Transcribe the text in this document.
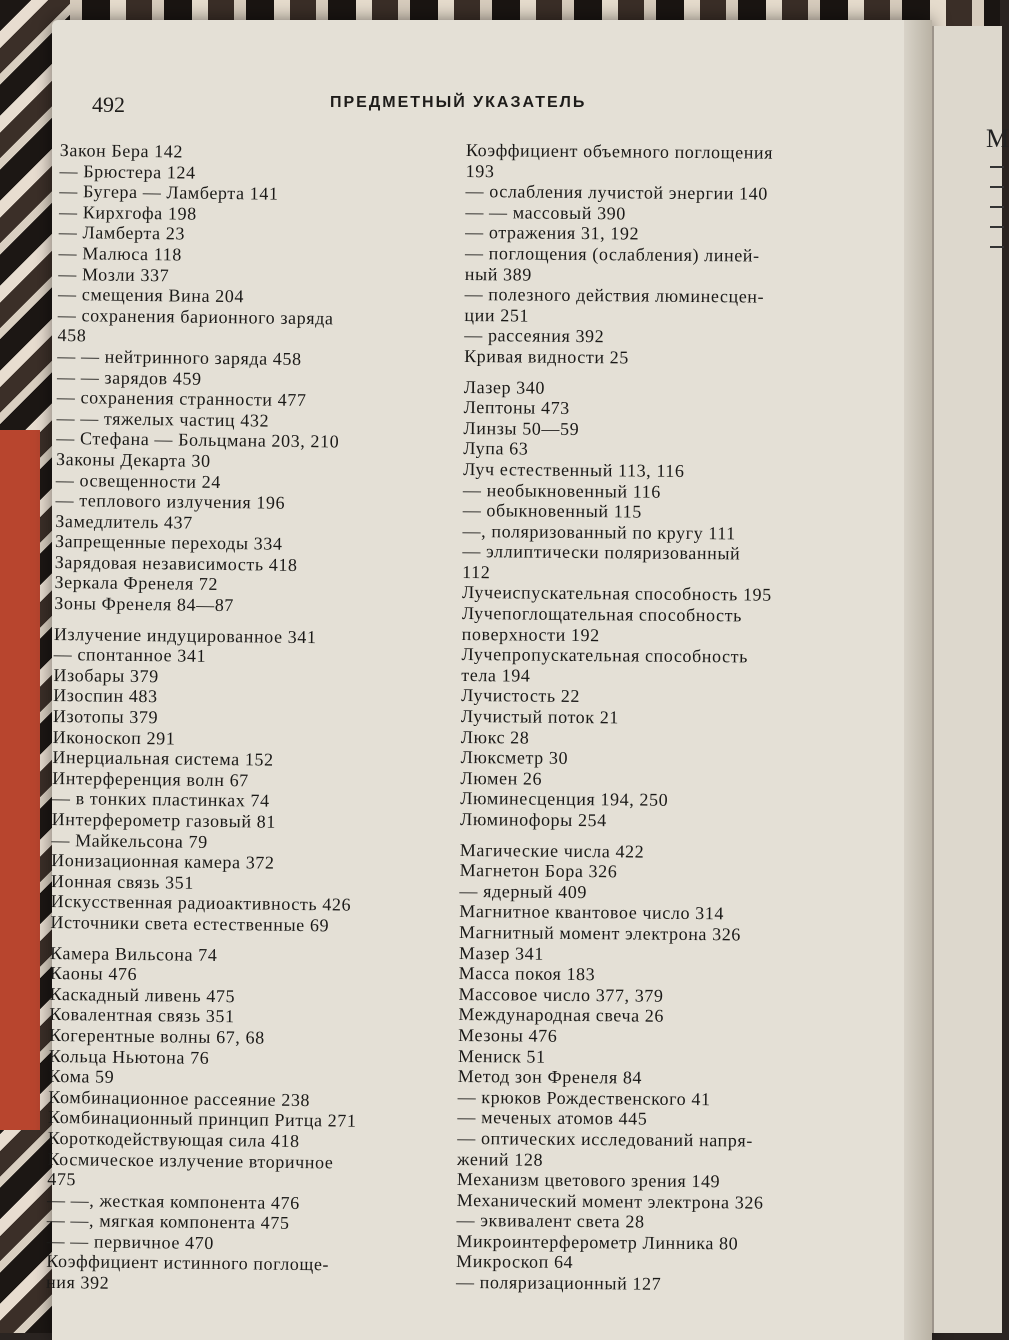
М
492	ПРЕДМЕТНЫЙ УКАЗАТЕЛЬ
Закон Бера 142
— Брюстера 124
— Бугера — Ламберта 141
— Кирхгофа 198
— Ламберта 23
— Малюса 118
— Мозли 337
— смещения Вина 204
— сохранения барионного заряда
458
— — нейтринного заряда 458
— — зарядов 459
— сохранения странности 477
— — тяжелых частиц 432
— Стефана — Больцмана 203, 210
Законы Декарта 30
— освещенности 24
— теплового излучения 196
Замедлитель 437
Запрещенные переходы 334
Зарядовая независимость 418
Зеркала Френеля 72
Зоны Френеля 84—87
Излучение индуцированное 341
— спонтанное 341
Изобары 379
Изоспин 483
Изотопы 379
Иконоскоп 291
Инерциальная система 152
Интерференция волн 67
— в тонких пластинках 74
Интерферометр газовый 81
— Майкельсона 79
Ионизационная камера 372
Ионная связь 351
Искусственная радиоактивность 426
Источники света естественные 69
Камера Вильсона 74
Каоны 476
Каскадный ливень 475
Ковалентная связь 351
Когерентные волны 67, 68
Кольца Ньютона 76
Кома 59
Комбинационное рассеяние 238
Комбинационный принцип Ритца 271
Короткодействующая сила 418
Космическое излучение вторичное
475
— —, жесткая компонента 476
— —, мягкая компонента 475
— — первичное 470
Коэффициент истинного поглоще-
ния 392
Коэффициент объемного поглощения
193
— ослабления лучистой энергии 140
— — массовый 390
— отражения 31, 192
— поглощения (ослабления) линей-
ный 389
— полезного действия люминесцен-
ции 251
— рассеяния 392
Кривая видности 25
Лазер 340
Лептоны 473
Линзы 50—59
Лупа 63
Луч естественный 113, 116
— необыкновенный 116
— обыкновенный 115
—, поляризованный по кругу 111
— эллиптически поляризованный
112
Лучеиспускательная способность 195
Лучепоглощательная способность
поверхности 192
Лучепропускательная способность
тела 194
Лучистость 22
Лучистый поток 21
Люкс 28
Люксметр 30
Люмен 26
Люминесценция 194, 250
Люминофоры 254
Магические числа 422
Магнетон Бора 326
— ядерный 409
Магнитное квантовое число 314
Магнитный момент электрона 326
Мазер 341
Масса покоя 183
Массовое число 377, 379
Международная свеча 26
Мезоны 476
Мениск 51
Метод зон Френеля 84
— крюков Рождественского 41
— меченых атомов 445
— оптических исследований напря-
жений 128
Механизм цветового зрения 149
Механический момент электрона 326
— эквивалент света 28
Микроинтерферометр Линника 80
Микроскоп 64
— поляризационный 127
